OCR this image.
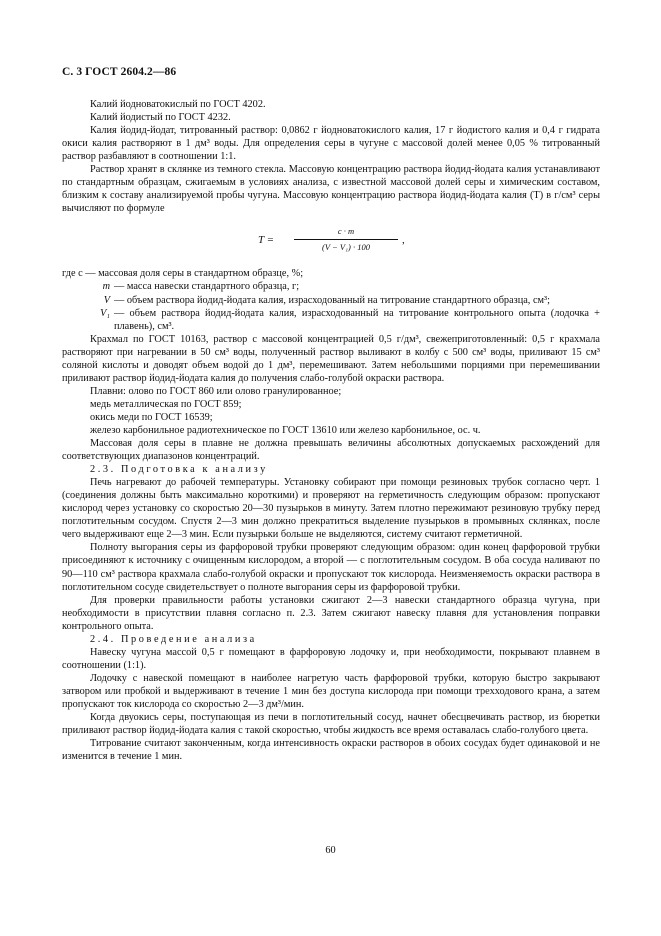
С. 3 ГОСТ 2604.2—86

Калий йодноватокислый по ГОСТ 4202.

Калий йодистый по ГОСТ 4232.

Калия йодид-йодат, титрованный раствор: 0,0862 г йодноватокислого калия, 17 г йодистого калия и 0,4 г гидрата окиси калия растворяют в 1 дм³ воды. Для определения серы в чугуне с массовой долей менее 0,05 % титрованный раствор разбавляют в соотношении 1:1.

Раствор хранят в склянке из темного стекла. Массовую концентрацию раствора йодид-йодата калия устанавливают по стандартным образцам, сжигаемым в условиях анализа, с известной массовой долей серы и химическим составом, близким к составу анализируемой пробы чугуна. Массовую концентрацию раствора йодид-йодата калия (T) в г/см³ серы вычисляют по формуле

T =
c · m
(V − V₁) · 100
,

где c — массовая доля серы в стандартном образце, %;

m — масса навески стандартного образца, г;
V — объем раствора йодид-йодата калия, израсходованный на титрование стандартного образца, см³;
V₁ — объем раствора йодид-йодата калия, израсходованный на титрование контрольного опыта (лодочка + плавень), см³.

Крахмал по ГОСТ 10163, раствор с массовой концентрацией 0,5 г/дм³, свежеприготовленный: 0,5 г крахмала растворяют при нагревании в 50 см³ воды, полученный раствор выливают в колбу с 500 см³ воды, приливают 15 см³ соляной кислоты и доводят объем водой до 1 дм³, перемешивают. Затем небольшими порциями при перемешивании приливают раствор йодид-йодата калия до получения слабо-голубой окраски раствора.

Плавни: олово по ГОСТ 860 или олово гранулированное;

медь металлическая по ГОСТ 859;

окись меди по ГОСТ 16539;

железо карбонильное радиотехническое по ГОСТ 13610 или железо карбонильное, ос. ч.

Массовая доля серы в плавне не должна превышать величины абсолютных допускаемых расхождений для соответствующих диапазонов концентраций.

2.3. Подготовка к анализу

Печь нагревают до рабочей температуры. Установку собирают при помощи резиновых трубок согласно черт. 1 (соединения должны быть максимально короткими) и проверяют на герметичность следующим образом: пропускают кислород через установку со скоростью 20—30 пузырьков в минуту. Затем плотно пережимают резиновую трубку перед поглотительным сосудом. Спустя 2—3 мин должно прекратиться выделение пузырьков в промывных склянках, после чего выдерживают еще 2—3 мин. Если пузырьки больше не выделяются, систему считают герметичной.

Полноту выгорания серы из фарфоровой трубки проверяют следующим образом: один конец фарфоровой трубки присоединяют к источнику с очищенным кислородом, а второй — с поглотительным сосудом. В оба сосуда наливают по 90—110 см³ раствора крахмала слабо-голубой окраски и пропускают ток кислорода. Неизменяемость окраски раствора в поглотительном сосуде свидетельствует о полноте выгорания серы из фарфоровой трубки.

Для проверки правильности работы установки сжигают 2—3 навески стандартного образца чугуна, при необходимости в присутствии плавня согласно п. 2.3. Затем сжигают навеску плавня для установления поправки контрольного опыта.

2.4. Проведение анализа

Навеску чугуна массой 0,5 г помещают в фарфоровую лодочку и, при необходимости, покрывают плавнем в соотношении (1:1).

Лодочку с навеской помещают в наиболее нагретую часть фарфоровой трубки, которую быстро закрывают затвором или пробкой и выдерживают в течение 1 мин без доступа кислорода при помощи трехходового крана, а затем пропускают ток кислорода со скоростью 2—3 дм³/мин.

Когда двуокись серы, поступающая из печи в поглотительный сосуд, начнет обесцвечивать раствор, из бюретки приливают раствор йодид-йодата калия с такой скоростью, чтобы жидкость все время оставалась слабо-голубого цвета.

Титрование считают законченным, когда интенсивность окраски растворов в обоих сосудах будет одинаковой и не изменится в течение 1 мин.

60
